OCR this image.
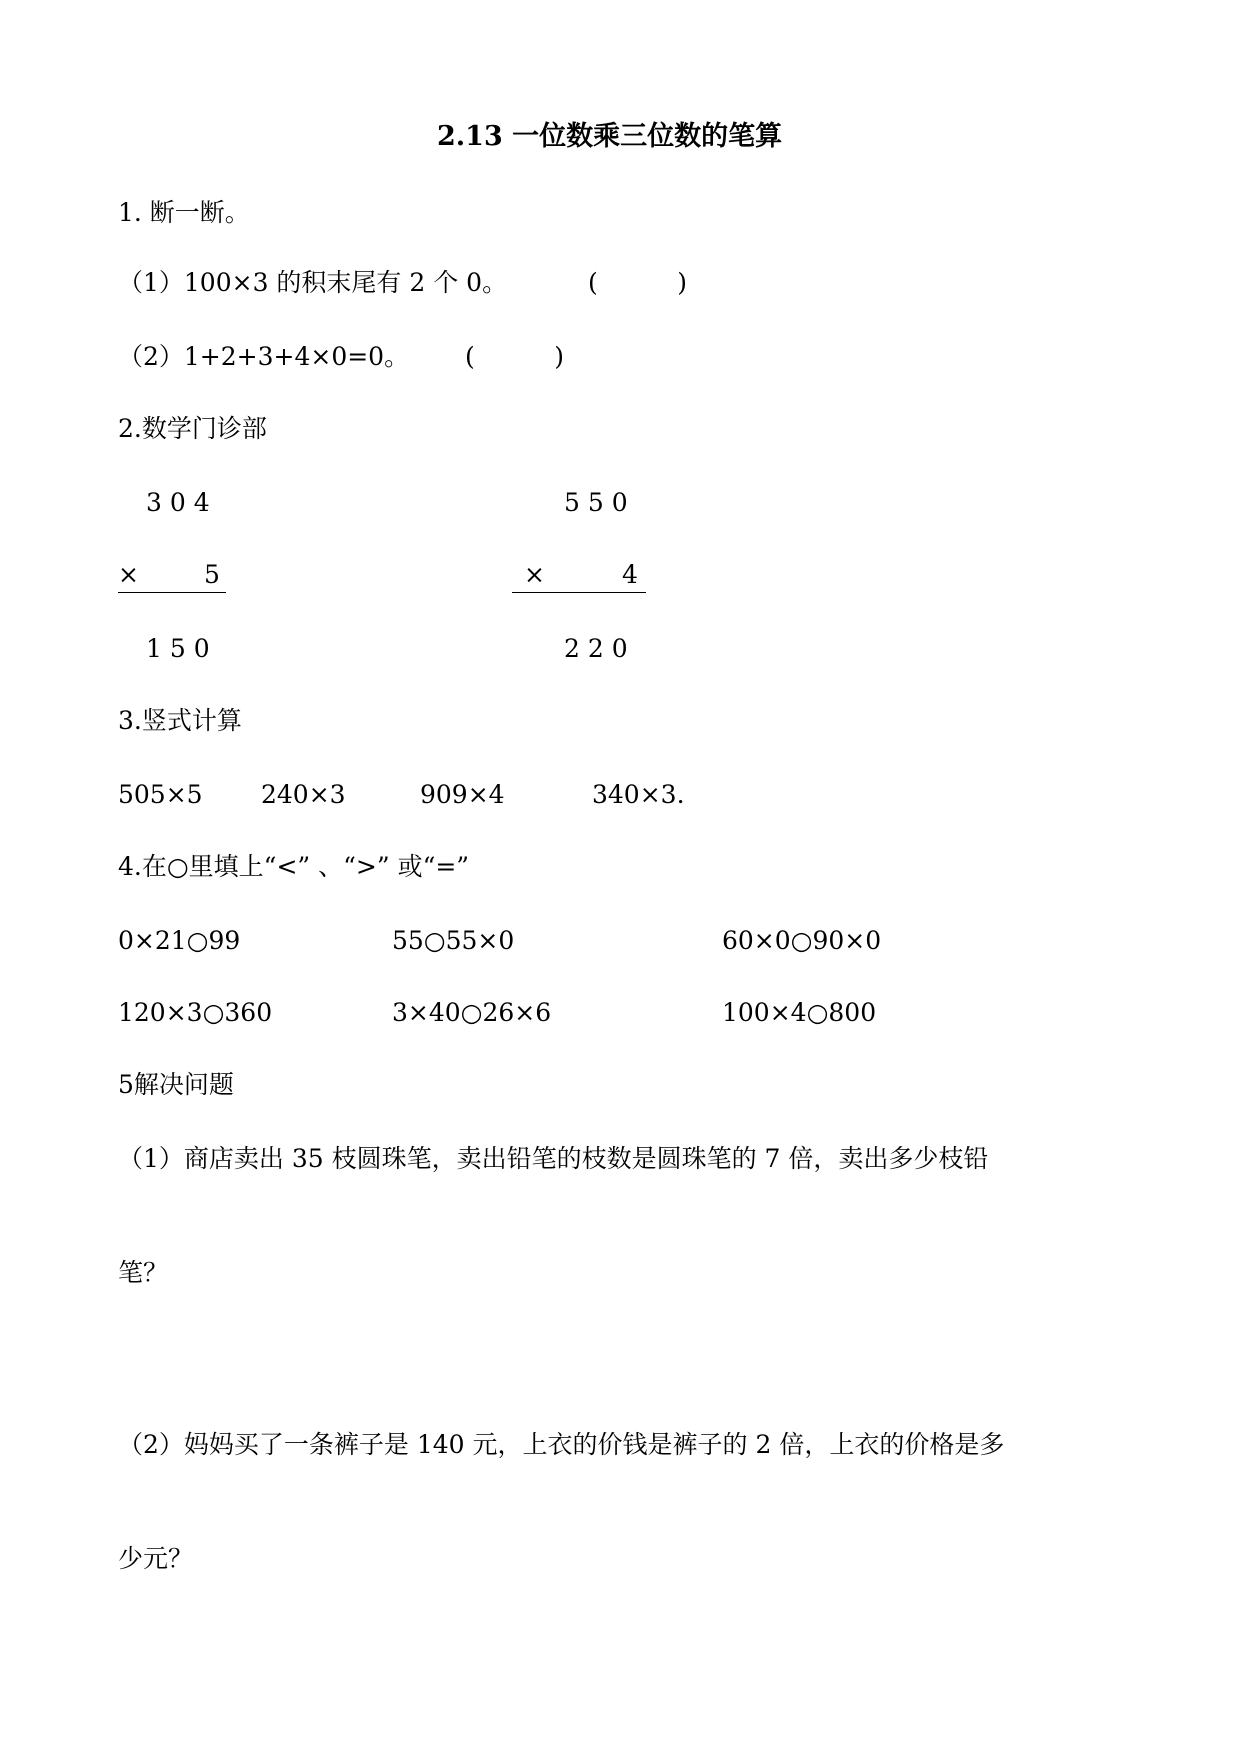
2.13 一位数乘三位数的笔算
1. 断一断。
（1）100×3 的积末尾有 2 个 0。	(          )
（2）1+2+3+4×0=0。 (          )
2.数学门诊部
3 0 4
×	5
1 5 0
5 5 0
×	4
2 2 0
3.竖式计算
505×5 240×3	909×4	340×3.
4.在○里填上“<” 、“>” 或“=”
0×21○99	55○55×0	60×0○90×0
120×3○360	3×40○26×6	100×4○800
5解决问题
（1）商店卖出 35 枝圆珠笔，卖出铅笔的枝数是圆珠笔的 7 倍，卖出多少枝铅
笔？
（2）妈妈买了一条裤子是 140 元，上衣的价钱是裤子的 2 倍，上衣的价格是多
少元？
